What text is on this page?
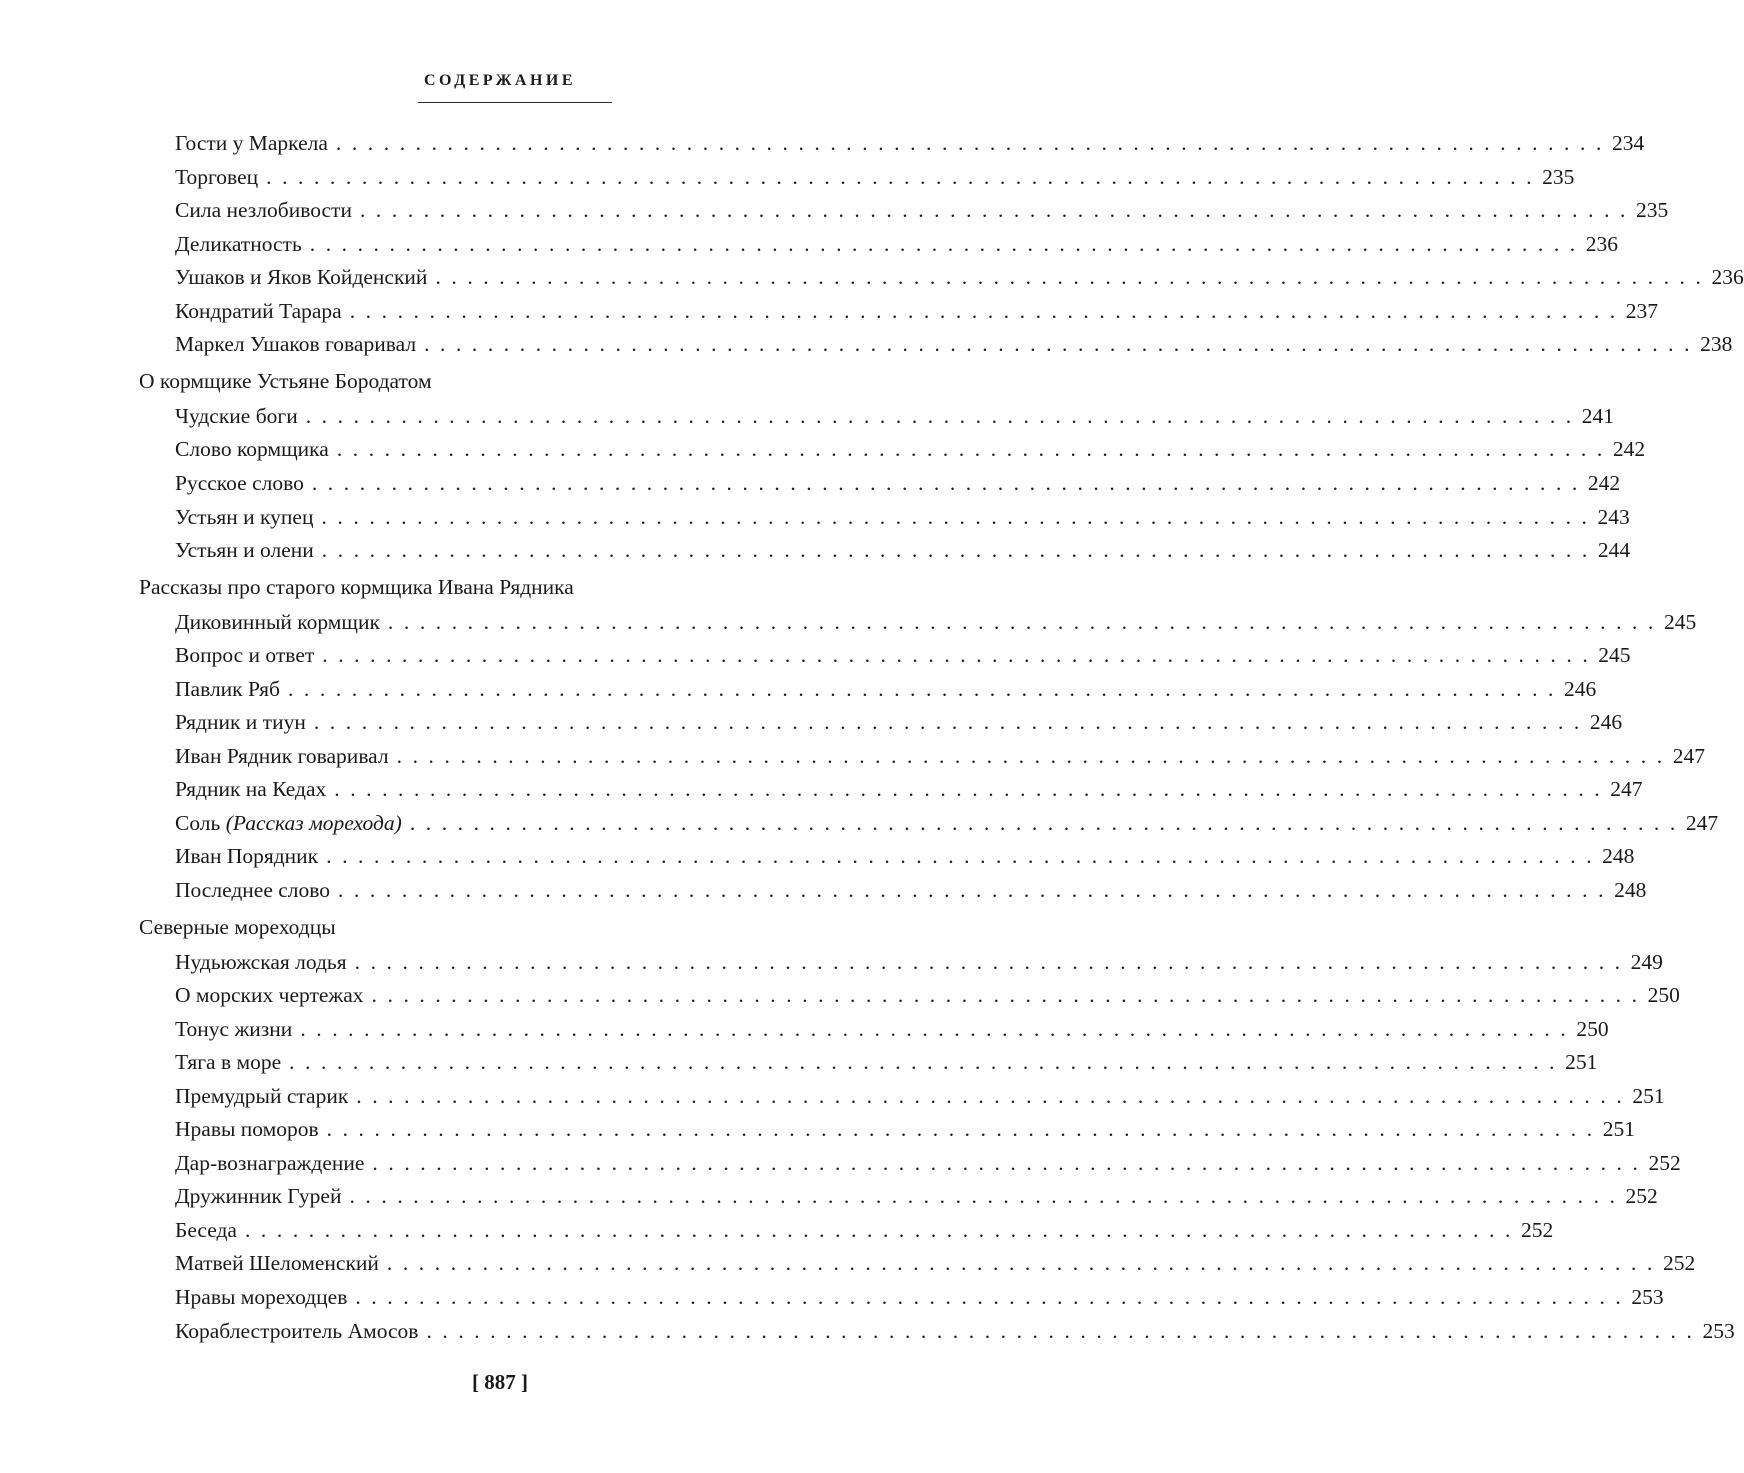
СОДЕРЖАНИЕ
Гости у Маркела . . . . . . . . . . . . . . . . . . . . . . . . . . . . . . . . . . . . . . . . . . . . . . . . . . . . . . . . . . . . . . . . . . . . . . . . . . . . . . . . 234
Торговец . . . . . . . . . . . . . . . . . . . . . . . . . . . . . . . . . . . . . . . . . . . . . . . . . . . . . . . . . . . . . . . . . . . . . . . . . . . . . . . . 235
Сила незлобивости . . . . . . . . . . . . . . . . . . . . . . . . . . . . . . . . . . . . . . . . . . . . . . . . . . . . . . . . . . . . . . . . . . . . . . . . . . . . . . . . 235
Деликатность . . . . . . . . . . . . . . . . . . . . . . . . . . . . . . . . . . . . . . . . . . . . . . . . . . . . . . . . . . . . . . . . . . . . . . . . . . . . . . . . 236
Ушаков и Яков Койденский . . . . . . . . . . . . . . . . . . . . . . . . . . . . . . . . . . . . . . . . . . . . . . . . . . . . . . . . . . . . . . . . . . . . . . . . . . . . . . . . 236
Кондратий Тарара . . . . . . . . . . . . . . . . . . . . . . . . . . . . . . . . . . . . . . . . . . . . . . . . . . . . . . . . . . . . . . . . . . . . . . . . . . . . . . . . 237
Маркел Ушаков говаривал . . . . . . . . . . . . . . . . . . . . . . . . . . . . . . . . . . . . . . . . . . . . . . . . . . . . . . . . . . . . . . . . . . . . . . . . . . . . . . . . 238
О кормщике Устьяне Бородатом
Чудские боги . . . . . . . . . . . . . . . . . . . . . . . . . . . . . . . . . . . . . . . . . . . . . . . . . . . . . . . . . . . . . . . . . . . . . . . . . . . . . . . . 241
Слово кормщика . . . . . . . . . . . . . . . . . . . . . . . . . . . . . . . . . . . . . . . . . . . . . . . . . . . . . . . . . . . . . . . . . . . . . . . . . . . . . . . . 242
Русское слово . . . . . . . . . . . . . . . . . . . . . . . . . . . . . . . . . . . . . . . . . . . . . . . . . . . . . . . . . . . . . . . . . . . . . . . . . . . . . . . . 242
Устьян и купец . . . . . . . . . . . . . . . . . . . . . . . . . . . . . . . . . . . . . . . . . . . . . . . . . . . . . . . . . . . . . . . . . . . . . . . . . . . . . . . . 243
Устьян и олени . . . . . . . . . . . . . . . . . . . . . . . . . . . . . . . . . . . . . . . . . . . . . . . . . . . . . . . . . . . . . . . . . . . . . . . . . . . . . . . . 244
Рассказы про старого кормщика Ивана Рядника
Диковинный кормщик . . . . . . . . . . . . . . . . . . . . . . . . . . . . . . . . . . . . . . . . . . . . . . . . . . . . . . . . . . . . . . . . . . . . . . . . . . . . . . . . 245
Вопрос и ответ . . . . . . . . . . . . . . . . . . . . . . . . . . . . . . . . . . . . . . . . . . . . . . . . . . . . . . . . . . . . . . . . . . . . . . . . . . . . . . . . 245
Павлик Ряб . . . . . . . . . . . . . . . . . . . . . . . . . . . . . . . . . . . . . . . . . . . . . . . . . . . . . . . . . . . . . . . . . . . . . . . . . . . . . . . . 246
Рядник и тиун . . . . . . . . . . . . . . . . . . . . . . . . . . . . . . . . . . . . . . . . . . . . . . . . . . . . . . . . . . . . . . . . . . . . . . . . . . . . . . . . 246
Иван Рядник говаривал . . . . . . . . . . . . . . . . . . . . . . . . . . . . . . . . . . . . . . . . . . . . . . . . . . . . . . . . . . . . . . . . . . . . . . . . . . . . . . . . 247
Рядник на Кедах . . . . . . . . . . . . . . . . . . . . . . . . . . . . . . . . . . . . . . . . . . . . . . . . . . . . . . . . . . . . . . . . . . . . . . . . . . . . . . . . 247
Соль (Рассказ морехода) . . . . . . . . . . . . . . . . . . . . . . . . . . . . . . . . . . . . . . . . . . . . . . . . . . . . . . . . . . . . . . . . . . . . . . . . . . . . . . . . 247
Иван Порядник . . . . . . . . . . . . . . . . . . . . . . . . . . . . . . . . . . . . . . . . . . . . . . . . . . . . . . . . . . . . . . . . . . . . . . . . . . . . . . . . 248
Последнее слово . . . . . . . . . . . . . . . . . . . . . . . . . . . . . . . . . . . . . . . . . . . . . . . . . . . . . . . . . . . . . . . . . . . . . . . . . . . . . . . . 248
Северные мореходцы
Нудьюжская лодья . . . . . . . . . . . . . . . . . . . . . . . . . . . . . . . . . . . . . . . . . . . . . . . . . . . . . . . . . . . . . . . . . . . . . . . . . . . . . . . . 249
О морских чертежах . . . . . . . . . . . . . . . . . . . . . . . . . . . . . . . . . . . . . . . . . . . . . . . . . . . . . . . . . . . . . . . . . . . . . . . . . . . . . . . . 250
Тонус жизни . . . . . . . . . . . . . . . . . . . . . . . . . . . . . . . . . . . . . . . . . . . . . . . . . . . . . . . . . . . . . . . . . . . . . . . . . . . . . . . . 250
Тяга в море . . . . . . . . . . . . . . . . . . . . . . . . . . . . . . . . . . . . . . . . . . . . . . . . . . . . . . . . . . . . . . . . . . . . . . . . . . . . . . . . 251
Премудрый старик . . . . . . . . . . . . . . . . . . . . . . . . . . . . . . . . . . . . . . . . . . . . . . . . . . . . . . . . . . . . . . . . . . . . . . . . . . . . . . . . 251
Нравы поморов . . . . . . . . . . . . . . . . . . . . . . . . . . . . . . . . . . . . . . . . . . . . . . . . . . . . . . . . . . . . . . . . . . . . . . . . . . . . . . . . 251
Дар-вознаграждение . . . . . . . . . . . . . . . . . . . . . . . . . . . . . . . . . . . . . . . . . . . . . . . . . . . . . . . . . . . . . . . . . . . . . . . . . . . . . . . . 252
Дружинник Гурей . . . . . . . . . . . . . . . . . . . . . . . . . . . . . . . . . . . . . . . . . . . . . . . . . . . . . . . . . . . . . . . . . . . . . . . . . . . . . . . . 252
Беседа . . . . . . . . . . . . . . . . . . . . . . . . . . . . . . . . . . . . . . . . . . . . . . . . . . . . . . . . . . . . . . . . . . . . . . . . . . . . . . . . 252
Матвей Шеломенский . . . . . . . . . . . . . . . . . . . . . . . . . . . . . . . . . . . . . . . . . . . . . . . . . . . . . . . . . . . . . . . . . . . . . . . . . . . . . . . . 252
Нравы мореходцев . . . . . . . . . . . . . . . . . . . . . . . . . . . . . . . . . . . . . . . . . . . . . . . . . . . . . . . . . . . . . . . . . . . . . . . . . . . . . . . . 253
Кораблестроитель Амосов . . . . . . . . . . . . . . . . . . . . . . . . . . . . . . . . . . . . . . . . . . . . . . . . . . . . . . . . . . . . . . . . . . . . . . . . . . . . . . . . 253
[ 887 ]
